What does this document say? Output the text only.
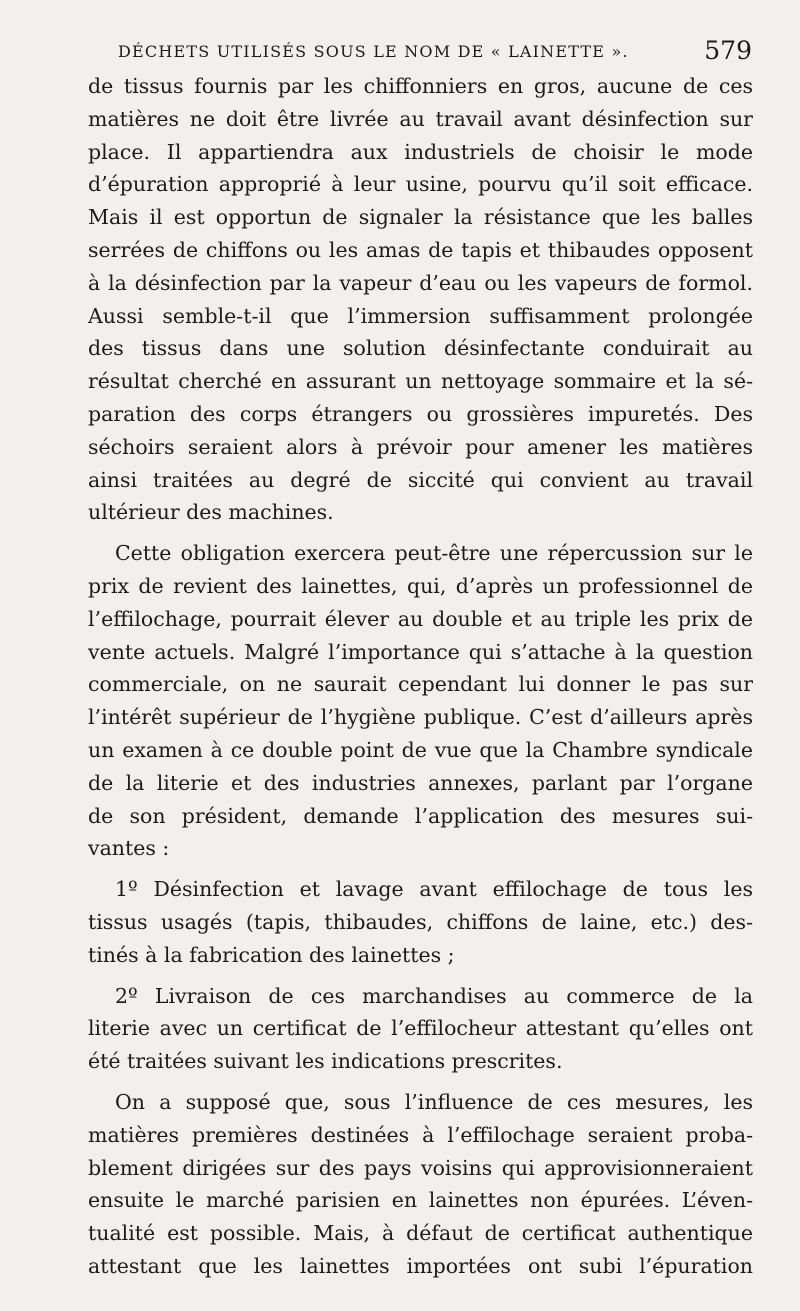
DÉCHETS UTILISÉS SOUS LE NOM DE « LAINETTE ».	579
de tissus fournis par les chiffonniers en gros, aucune de ces
matières ne doit être livrée au travail avant désinfection sur
place. Il appartiendra aux industriels de choisir le mode
d’épuration approprié à leur usine, pourvu qu’il soit efficace.
Mais il est opportun de signaler la résistance que les balles
serrées de chiffons ou les amas de tapis et thibaudes opposent
à la désinfection par la vapeur d’eau ou les vapeurs de formol.
Aussi semble-t-il que l’immersion suffisamment prolongée
des tissus dans une solution désinfectante conduirait au
résultat cherché en assurant un nettoyage sommaire et la sé-
paration des corps étrangers ou grossières impuretés. Des
séchoirs seraient alors à prévoir pour amener les matières
ainsi traitées au degré de siccité qui convient au travail
ultérieur des machines.
Cette obligation exercera peut-être une répercussion sur le
prix de revient des lainettes, qui, d’après un professionnel de
l’effilochage, pourrait élever au double et au triple les prix de
vente actuels. Malgré l’importance qui s’attache à la question
commerciale, on ne saurait cependant lui donner le pas sur
l’intérêt supérieur de l’hygiène publique. C’est d’ailleurs après
un examen à ce double point de vue que la Chambre syndicale
de la literie et des industries annexes, parlant par l’organe
de son président, demande l’application des mesures sui-
vantes :
1º Désinfection et lavage avant effilochage de tous les
tissus usagés (tapis, thibaudes, chiffons de laine, etc.) des-
tinés à la fabrication des lainettes ;
2º Livraison de ces marchandises au commerce de la
literie avec un certificat de l’effilocheur attestant qu’elles ont
été traitées suivant les indications prescrites.
On a supposé que, sous l’influence de ces mesures, les
matières premières destinées à l’effilochage seraient proba-
blement dirigées sur des pays voisins qui approvisionneraient
ensuite le marché parisien en lainettes non épurées. L’éven-
tualité est possible. Mais, à défaut de certificat authentique
attestant que les lainettes importées ont subi l’épuration
